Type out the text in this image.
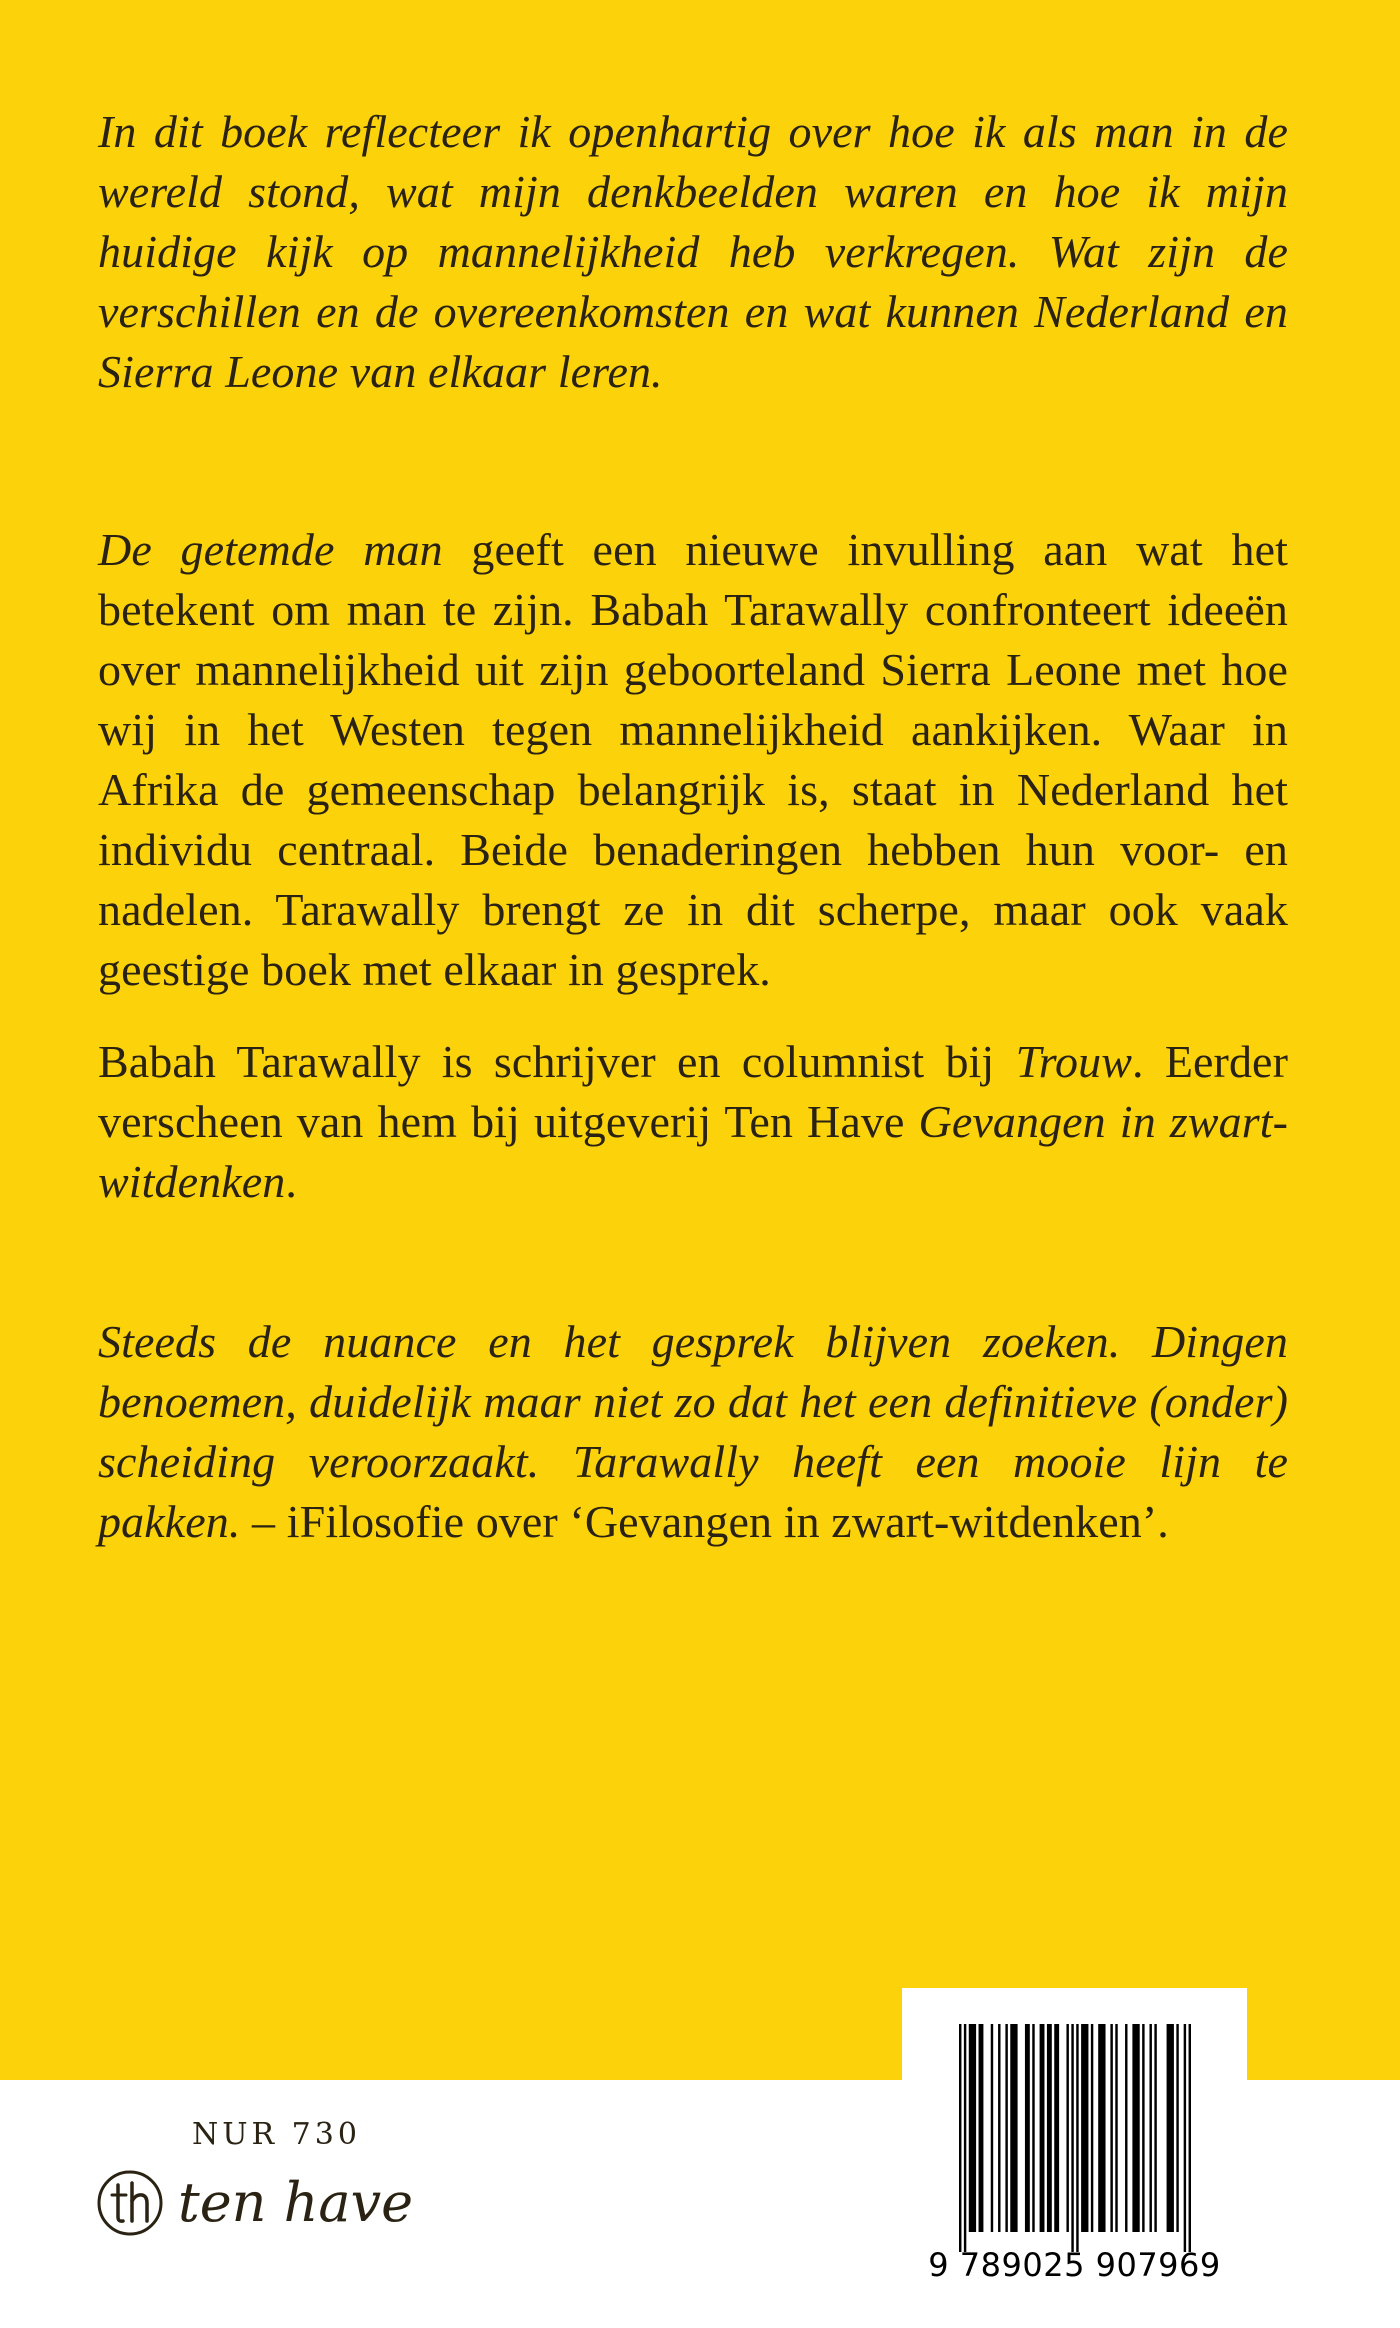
In dit boek reflecteer ik openhartig over hoe ik als man in de wereld stond, wat mijn denkbeelden waren en hoe ik mijn huidige kijk op mannelijkheid heb verkregen. Wat zijn de verschillen en de overeenkomsten en wat kunnen Nederland en Sierra Leone van elkaar leren.

De getemde man geeft een nieuwe invulling aan wat het betekent om man te zijn. Babah Tarawally confronteert ideeën over mannelijkheid uit zijn geboorteland Sierra Leone met hoe wij in het Westen tegen mannelijkheid aankijken. Waar in Afrika de gemeenschap belangrijk is, staat in Nederland het individu centraal. Beide benaderingen hebben hun voor- en nadelen. Tarawally brengt ze in dit scherpe, maar ook vaak geestige boek met elkaar in gesprek.

Babah Tarawally is schrijver en columnist bij Trouw. Eerder verscheen van hem bij uitgeverij Ten Have Gevangen in zwart-witdenken.

Steeds de nuance en het gesprek blijven zoeken. Dingen benoemen, duidelijk maar niet zo dat het een definitieve (onder) scheiding veroorzaakt. Tarawally heeft een mooie lijn te pakken. – iFilosofie over ‘Gevangen in zwart-witdenken’.

NUR 730
ten have
9 789025 907969
